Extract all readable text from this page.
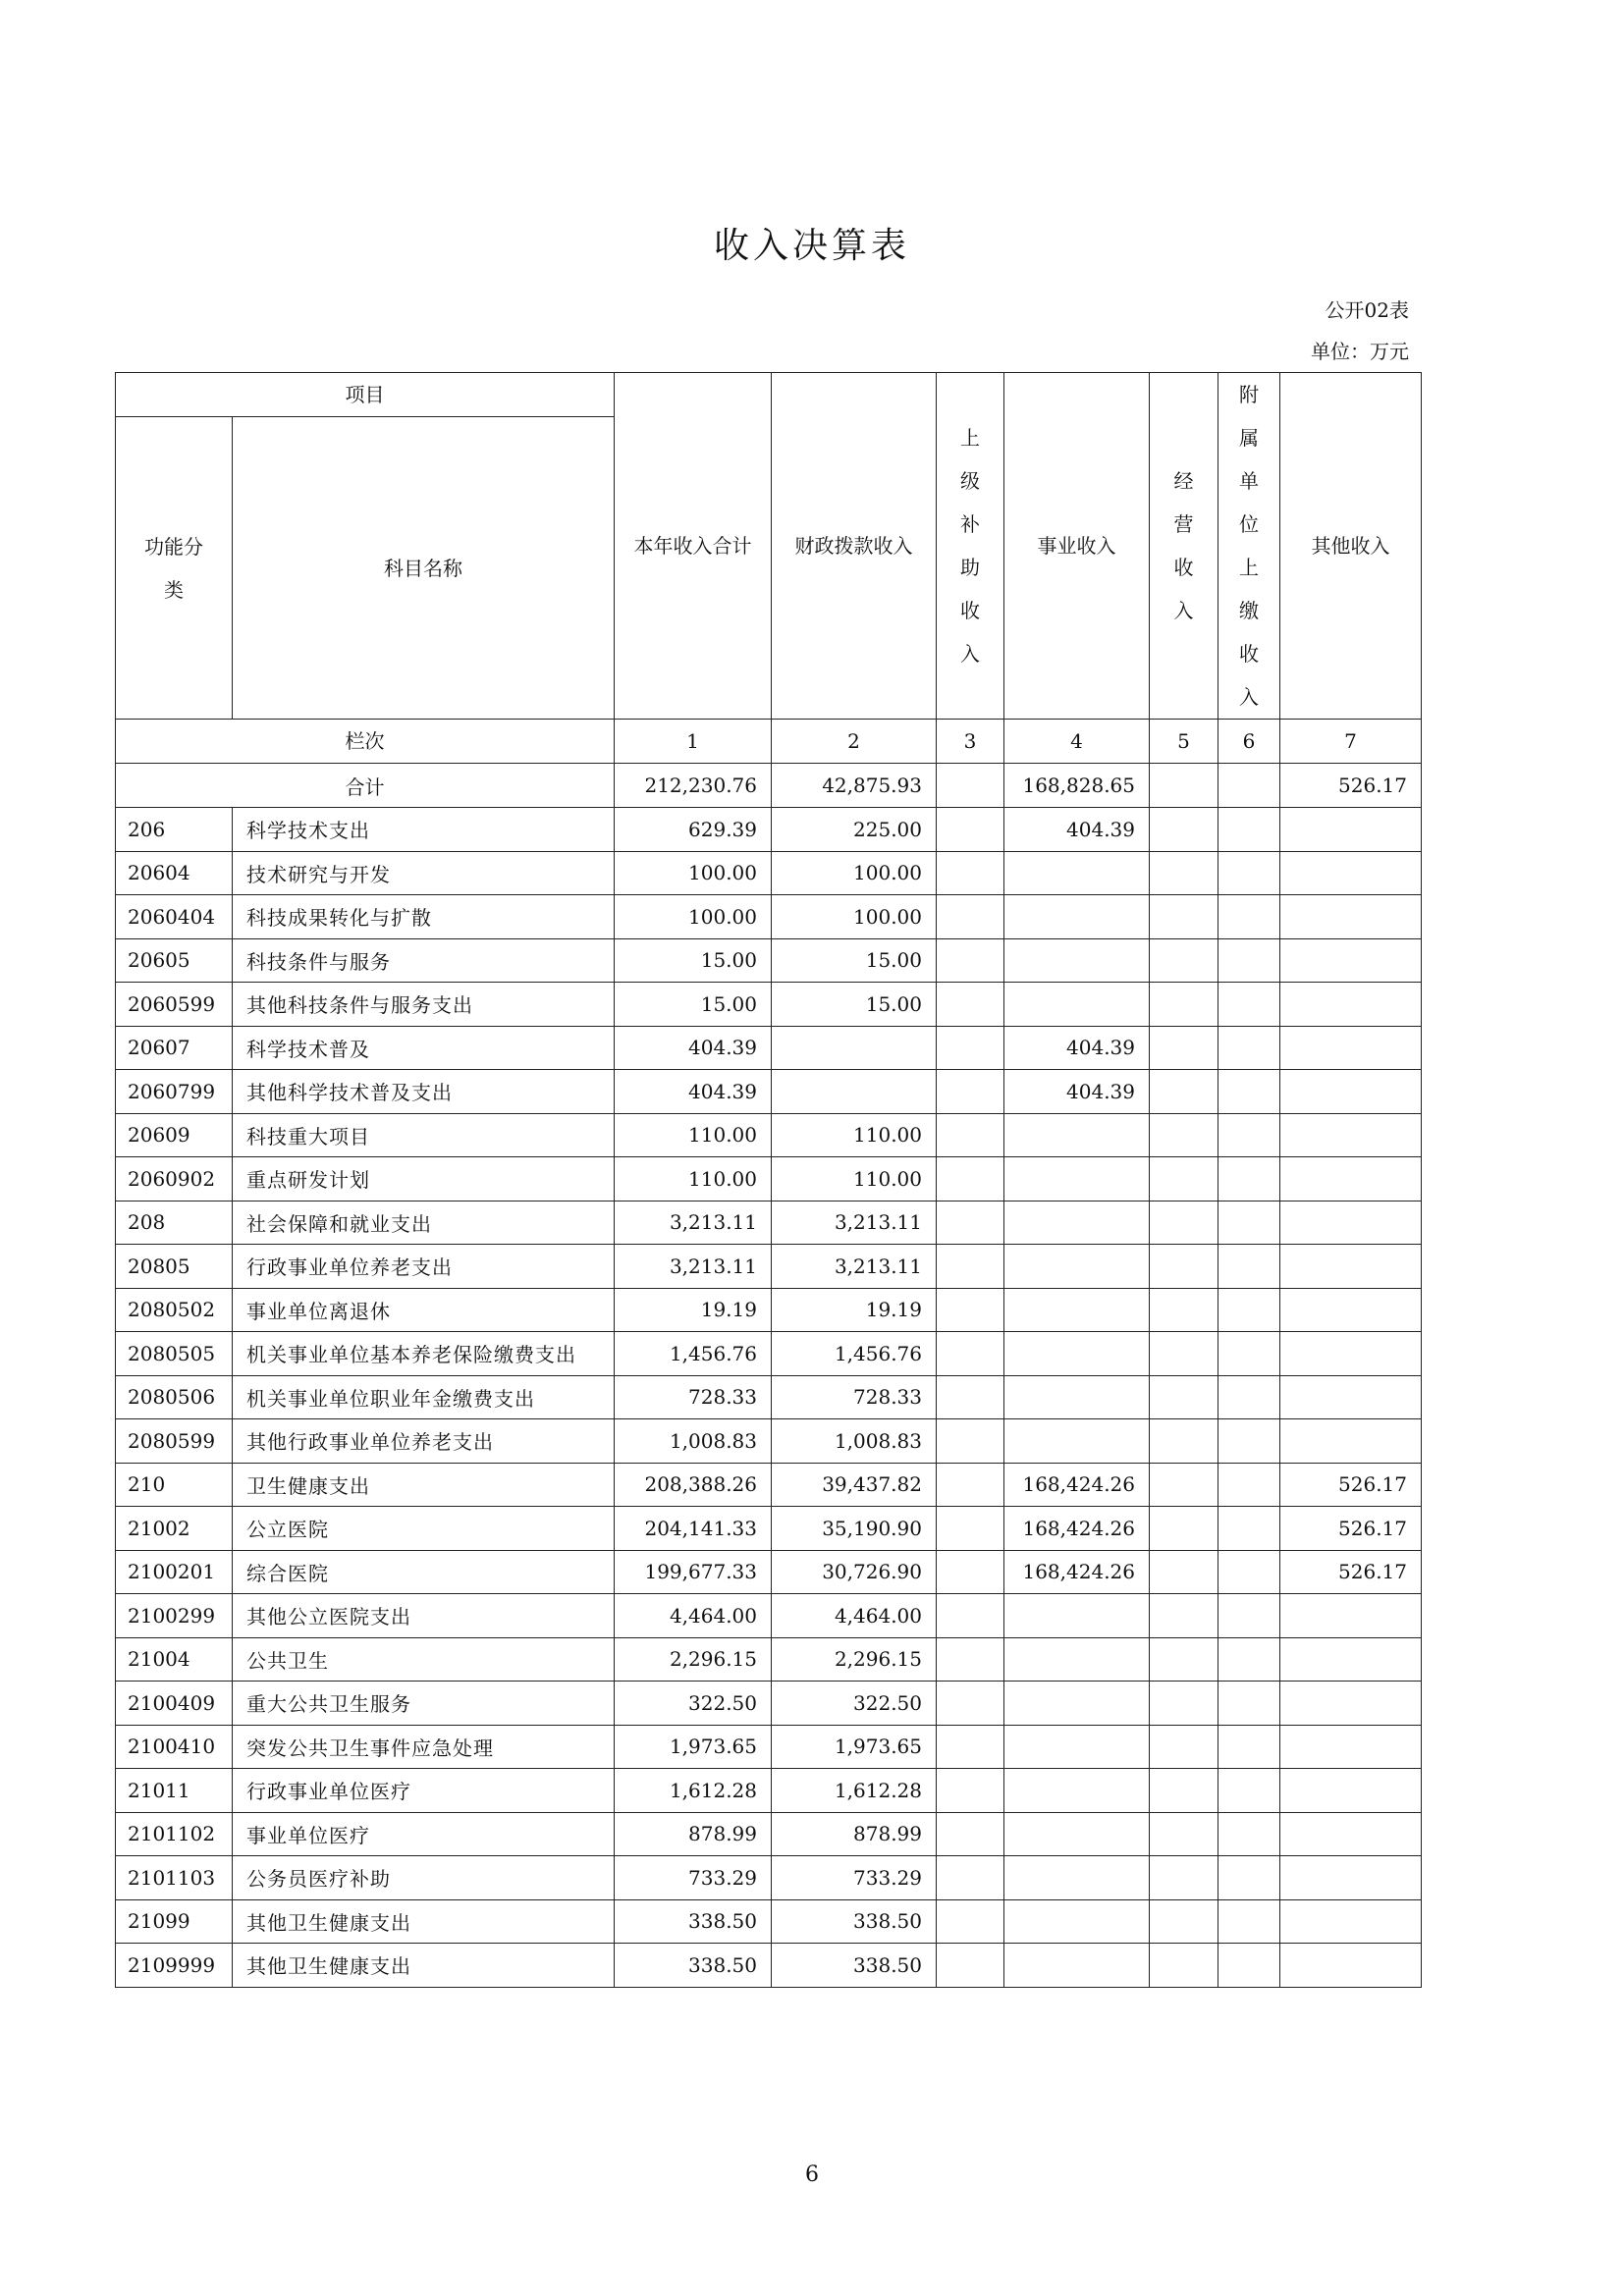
收入决算表
公开02表
单位：万元
项目		本年收入合计	财政拨款收入	上级补助收入	事业收入	经营收入	附属单位上缴收入	其他收入

功能分类	科目名称							
栏次		1	2	3	4	5	6	7
合计		212,230.76	42,875.93		168,828.65			526.17
206	科学技术支出	629.39	225.00		404.39			
20604	技术研究与开发	100.00	100.00					
2060404	科技成果转化与扩散	100.00	100.00					
20605	科技条件与服务	15.00	15.00					
2060599	其他科技条件与服务支出	15.00	15.00					
20607	科学技术普及	404.39			404.39			
2060799	其他科学技术普及支出	404.39			404.39			
20609	科技重大项目	110.00	110.00					
2060902	重点研发计划	110.00	110.00					
208	社会保障和就业支出	3,213.11	3,213.11					
20805	行政事业单位养老支出	3,213.11	3,213.11					
2080502	事业单位离退休	19.19	19.19					
2080505	机关事业单位基本养老保险缴费支出	1,456.76	1,456.76					
2080506	机关事业单位职业年金缴费支出	728.33	728.33					
2080599	其他行政事业单位养老支出	1,008.83	1,008.83					
210	卫生健康支出	208,388.26	39,437.82		168,424.26			526.17
21002	公立医院	204,141.33	35,190.90		168,424.26			526.17
2100201	综合医院	199,677.33	30,726.90		168,424.26			526.17
2100299	其他公立医院支出	4,464.00	4,464.00					
21004	公共卫生	2,296.15	2,296.15					
2100409	重大公共卫生服务	322.50	322.50					
2100410	突发公共卫生事件应急处理	1,973.65	1,973.65					
21011	行政事业单位医疗	1,612.28	1,612.28					
2101102	事业单位医疗	878.99	878.99					
2101103	公务员医疗补助	733.29	733.29					
21099	其他卫生健康支出	338.50	338.50					
2109999	其他卫生健康支出	338.50	338.50					
6
